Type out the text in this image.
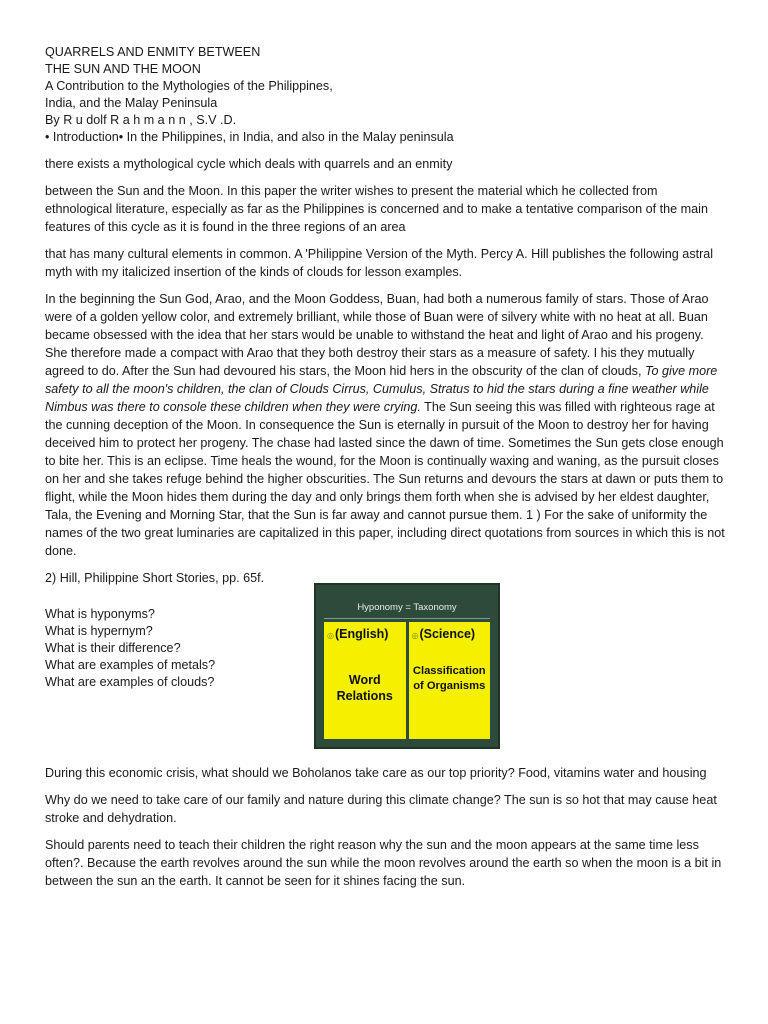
QUARRELS AND ENMITY BETWEEN

THE SUN AND THE MOON

A Contribution to the Mythologies of the Philippines,

India, and the Malay Peninsula

By R u dolf R a h m a n n , S.V .D.

• Introduction• In the Philippines, in India, and also in the Malay peninsula

there exists a mythological cycle which deals with quarrels and an enmity

between the Sun and the Moon. In this paper the writer wishes to present the material which he collected from ethnological literature, especially as far as the Philippines is concerned and to make a tentative comparison of the main features of this cycle as it is found in the three regions of an area

that has many cultural elements in common. A 'Philippine Version of the Myth. Percy A. Hill publishes the following astral myth with my italicized insertion of the kinds of clouds for lesson examples.

In the beginning the Sun God, Arao, and the Moon Goddess, Buan, had both a numerous family of stars. Those of Arao were of a golden yellow color, and extremely brilliant, while those of Buan were of silvery white with no heat at all. Buan became obsessed with the idea that her stars would be unable to withstand the heat and light of Arao and his progeny. She therefore made a compact with Arao that they both destroy their stars as a measure of safety. I his they mutually agreed to do. After the Sun had devoured his stars, the Moon hid hers in the obscurity of the clan of clouds, To give more safety to all the moon's children, the clan of Clouds Cirrus, Cumulus, Stratus to hid the stars during a fine weather while Nimbus was there to console these children when they were crying. The Sun seeing this was filled with righteous rage at the cunning deception of the Moon. In consequence the Sun is eternally in pursuit of the Moon to destroy her for having deceived him to protect her progeny. The chase had lasted since the dawn of time. Sometimes the Sun gets close enough to bite her. This is an eclipse. Time heals the wound, for the Moon is continually waxing and waning, as the pursuit closes on her and she takes refuge behind the higher obscurities. The Sun returns and devours the stars at dawn or puts them to flight, while the Moon hides them during the day and only brings them forth when she is advised by her eldest daughter, Tala, the Evening and Morning Star, that the Sun is far away and cannot pursue them. 1 ) For the sake of uniformity the names of the two great luminaries are capitalized in this paper, including direct quotations from sources in which this is not done.

2) Hill, Philippine Short Stories, pp. 65f.

What is hyponyms?

What is hypernym?

What is their difference?

What are examples of metals?

What are examples of clouds?

Hyponomy = Taxonomy
◎(English)
Word
Relations
◎(Science)
Classification
of Organisms

During this economic crisis, what should we Boholanos take care as our top priority? Food, vitamins water and housing

Why do we need to take care of our family and nature during this climate change? The sun is so hot that may cause heat stroke and dehydration.

Should parents need to teach their children the right reason why the sun and the moon appears at the same time less often?. Because the earth revolves around the sun while the moon revolves around the earth so when the moon is a bit in between the sun an the earth. It cannot be seen for it shines facing the sun.
